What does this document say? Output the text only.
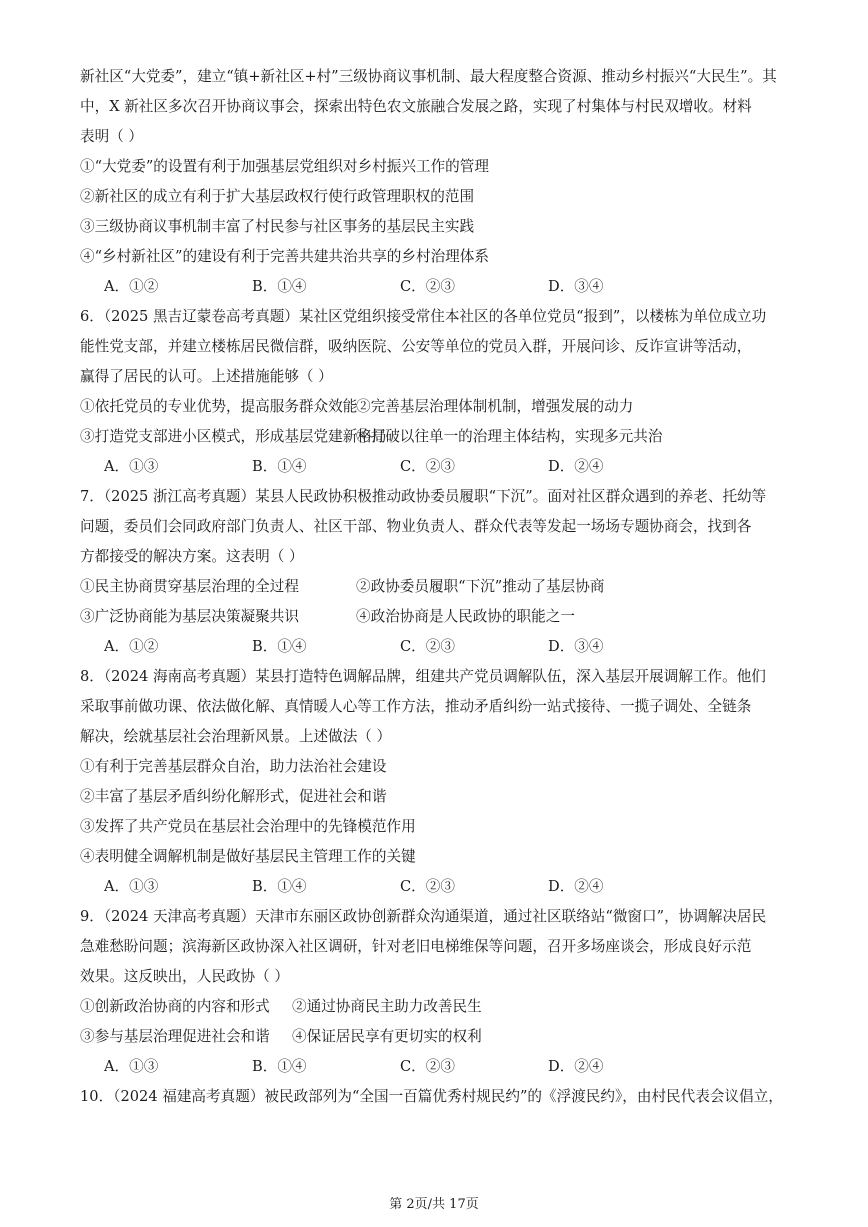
新社区“大党委”，建立“镇+新社区+村”三级协商议事机制、最大程度整合资源、推动乡村振兴“大民生”。其
中，X 新社区多次召开协商议事会，探索出特色农文旅融合发展之路，实现了村集体与村民双增收。材料
表明（ ）
①“大党委”的设置有利于加强基层党组织对乡村振兴工作的管理
②新社区的成立有利于扩大基层政权行使行政管理职权的范围
③三级协商议事机制丰富了村民参与社区事务的基层民主实践
④“乡村新社区”的建设有利于完善共建共治共享的乡村治理体系
A．①②	B．①④	C．②③	D．③④
6．（2025 黑吉辽蒙卷高考真题）某社区党组织接受常住本社区的各单位党员“报到”，以楼栋为单位成立功
能性党支部，并建立楼栋居民微信群，吸纳医院、公安等单位的党员入群，开展问诊、反诈宣讲等活动，
赢得了居民的认可。上述措施能够（ ）
①依托党员的专业优势，提高服务群众效能
②完善基层治理体制机制，增强发展的动力
③打造党支部进小区模式，形成基层党建新格局
④打破以往单一的治理主体结构，实现多元共治
A．①③	B．①④	C．②③	D．②④
7．（2025 浙江高考真题）某县人民政协积极推动政协委员履职“下沉”。面对社区群众遇到的养老、托幼等
问题，委员们会同政府部门负责人、社区干部、物业负责人、群众代表等发起一场场专题协商会，找到各
方都接受的解决方案。这表明（ ）
①民主协商贯穿基层治理的全过程	②政协委员履职“下沉”推动了基层协商
③广泛协商能为基层决策凝聚共识	④政治协商是人民政协的职能之一
A．①②	B．①④	C．②③	D．③④
8．（2024 海南高考真题）某县打造特色调解品牌，组建共产党员调解队伍，深入基层开展调解工作。他们
采取事前做功课、依法做化解、真情暖人心等工作方法，推动矛盾纠纷一站式接待、一揽子调处、全链条
解决，绘就基层社会治理新风景。上述做法（ ）
①有利于完善基层群众自治，助力法治社会建设
②丰富了基层矛盾纠纷化解形式，促进社会和谐
③发挥了共产党员在基层社会治理中的先锋模范作用
④表明健全调解机制是做好基层民主管理工作的关键
A．①③	B．①④	C．②③	D．②④
9．（2024 天津高考真题）天津市东丽区政协创新群众沟通渠道，通过社区联络站“微窗口”，协调解决居民
急难愁盼问题；滨海新区政协深入社区调研，针对老旧电梯维保等问题，召开多场座谈会，形成良好示范
效果。这反映出，人民政协（ ）
①创新政治协商的内容和形式	②通过协商民主助力改善民生
③参与基层治理促进社会和谐	④保证居民享有更切实的权利
A．①③	B．①④	C．②③	D．②④
10．（2024 福建高考真题）被民政部列为“全国一百篇优秀村规民约”的《浮渡民约》，由村民代表会议倡立，
第 2页/共 17页
